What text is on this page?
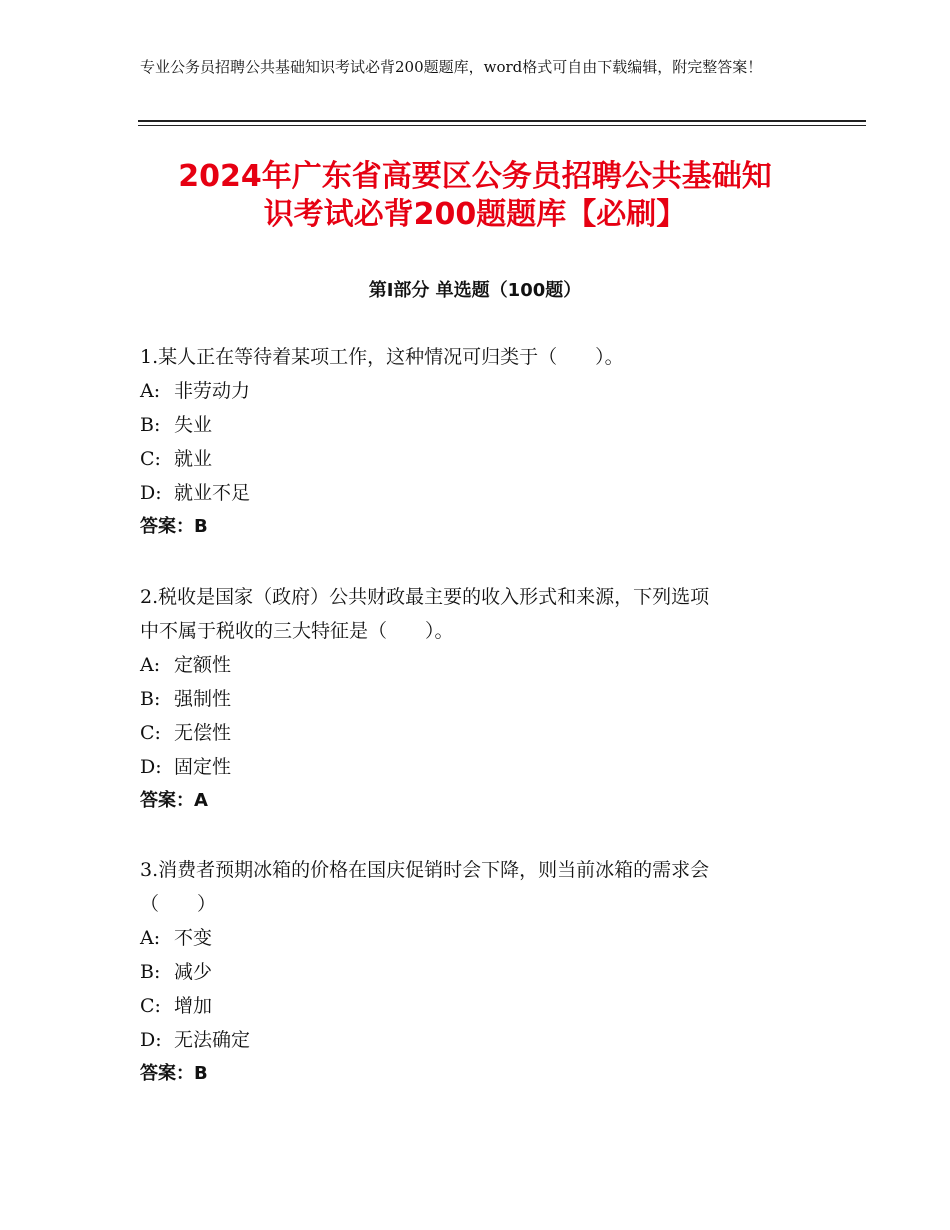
专业公务员招聘公共基础知识考试必背200题题库，word格式可自由下载编辑，附完整答案！
2024年广东省高要区公务员招聘公共基础知
识考试必背200题题库【必刷】
第Ⅰ部分 单选题（100题）
1.某人正在等待着某项工作，这种情况可归类于（　　）。
A: 非劳动力
B: 失业
C: 就业
D: 就业不足
答案：B
2.税收是国家（政府）公共财政最主要的收入形式和来源，下列选项
中不属于税收的三大特征是（　　）。
A: 定额性
B: 强制性
C: 无偿性
D: 固定性
答案：A
3.消费者预期冰箱的价格在国庆促销时会下降，则当前冰箱的需求会
（　　）
A: 不变
B: 减少
C: 增加
D: 无法确定
答案：B
